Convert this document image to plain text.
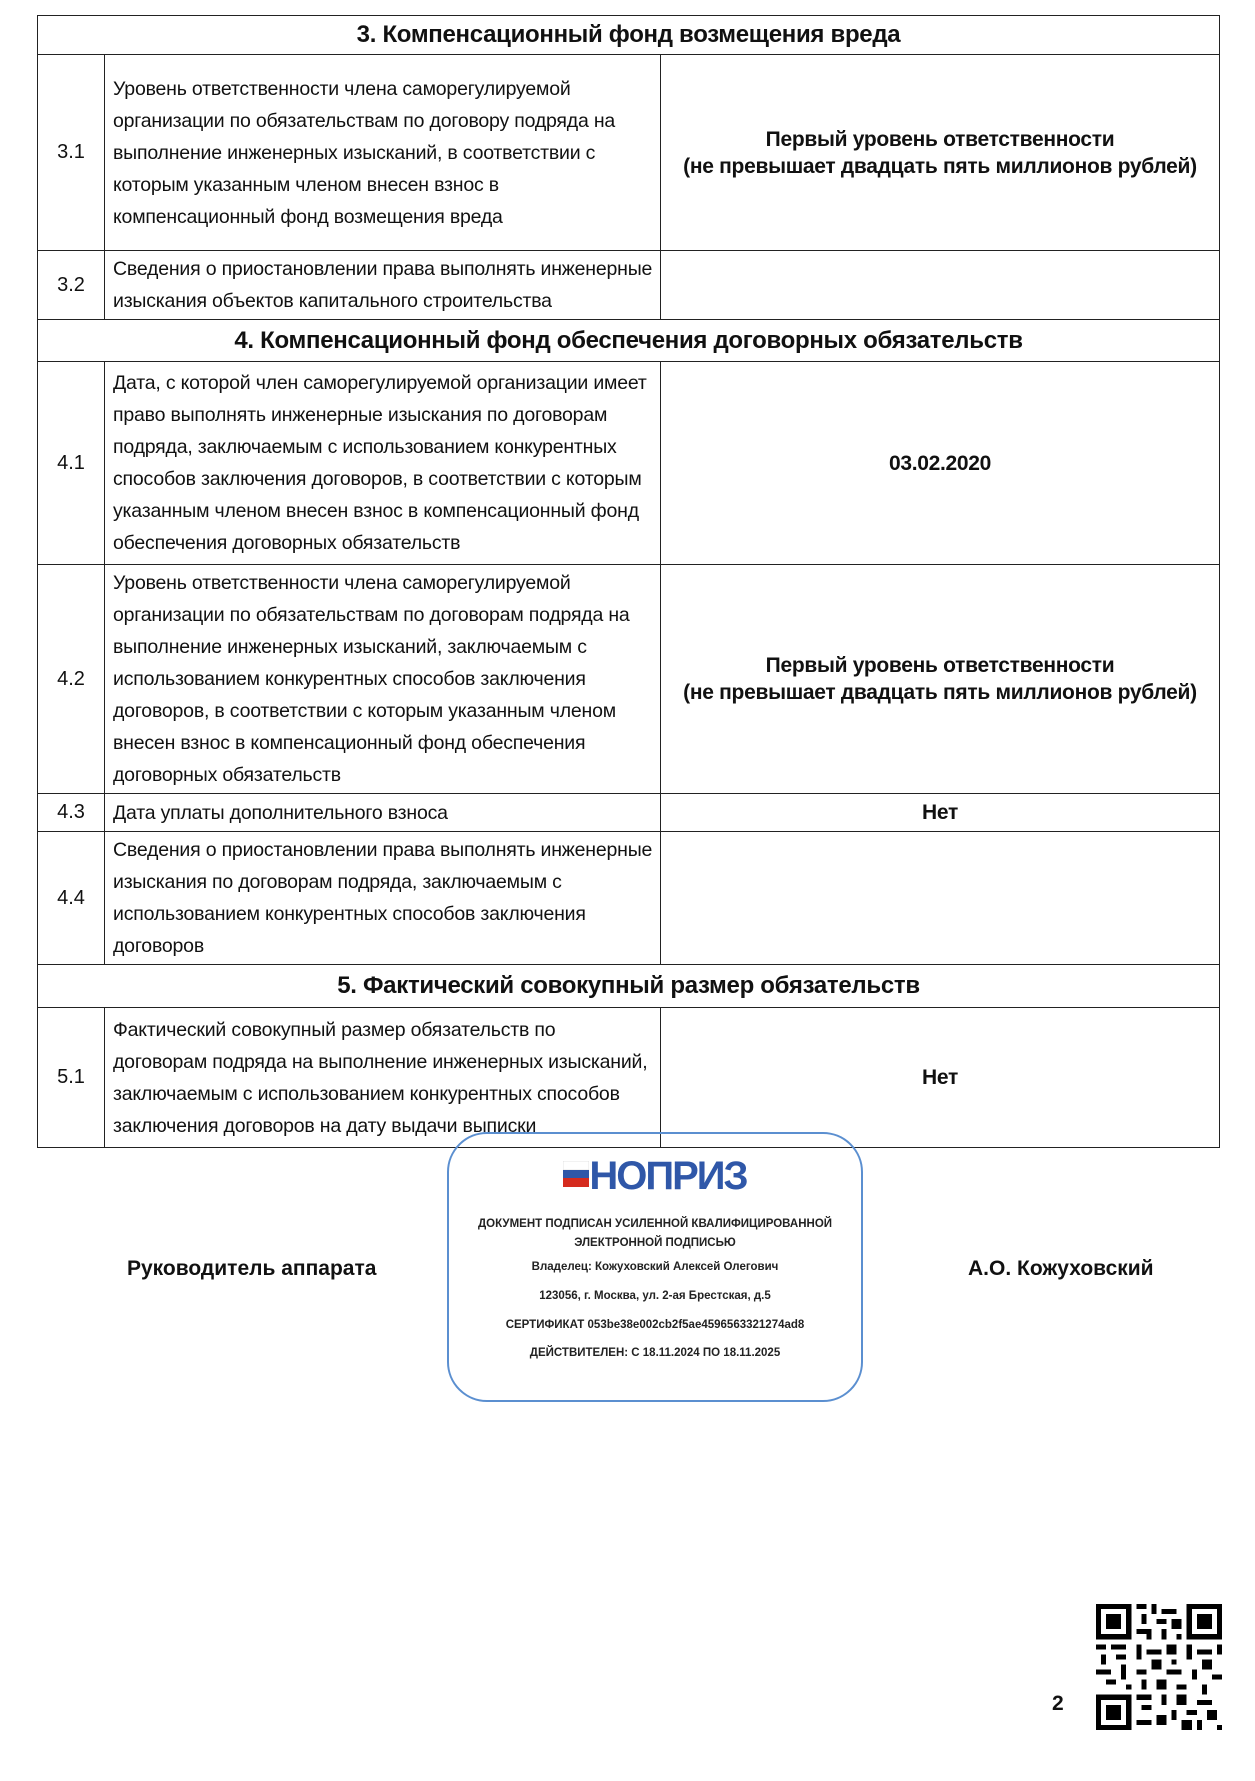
3. Компенсационный фонд возмещения вреда		
3.1	Уровень ответственности члена саморегулируемой организации по обязательствам по договору подряда на выполнение инженерных изысканий, в соответствии с которым указанным членом внесен взнос в компенсационный фонд возмещения вреда	Первый уровень ответственности
(не превышает двадцать пять миллионов рублей)

3.2	Сведения о приостановлении права выполнять инженерные изыскания объектов капитального строительства	
4. Компенсационный фонд обеспечения договорных обязательств		
4.1	Дата, с которой член саморегулируемой организации имеет право выполнять инженерные изыскания по договорам подряда, заключаемым с использованием конкурентных способов заключения договоров, в соответствии с которым указанным членом внесен взнос в компенсационный фонд обеспечения договорных обязательств	03.02.2020

4.2	Уровень ответственности члена саморегулируемой организации по обязательствам по договорам подряда на выполнение инженерных изысканий, заключаемым с использованием конкурентных способов заключения договоров, в соответствии с которым указанным членом внесен взнос в компенсационный фонд обеспечения договорных обязательств	Первый уровень ответственности
(не превышает двадцать пять миллионов рублей)

4.3	Дата уплаты дополнительного взноса	Нет

4.4	Сведения о приостановлении права выполнять инженерные изыскания по договорам подряда, заключаемым с использованием конкурентных способов заключения договоров	
5. Фактический совокупный размер обязательств		
5.1	Фактический совокупный размер обязательств по договорам подряда на выполнение инженерных изысканий, заключаемым с использованием конкурентных способов заключения договоров на дату выдачи выписки	Нет
Руководитель аппарата
НОПРИЗ
ДОКУМЕНТ ПОДПИСАН УСИЛЕННОЙ КВАЛИФИЦИРОВАННОЙ
ЭЛЕКТРОННОЙ ПОДПИСЬЮ
Владелец: Кожуховский Алексей Олегович
123056, г. Москва, ул. 2-ая Брестская, д.5
СЕРТИФИКАТ 053be38e002cb2f5ae4596563321274ad8
ДЕЙСТВИТЕЛЕН: С 18.11.2024 ПО 18.11.2025
А.О. Кожуховский
2
